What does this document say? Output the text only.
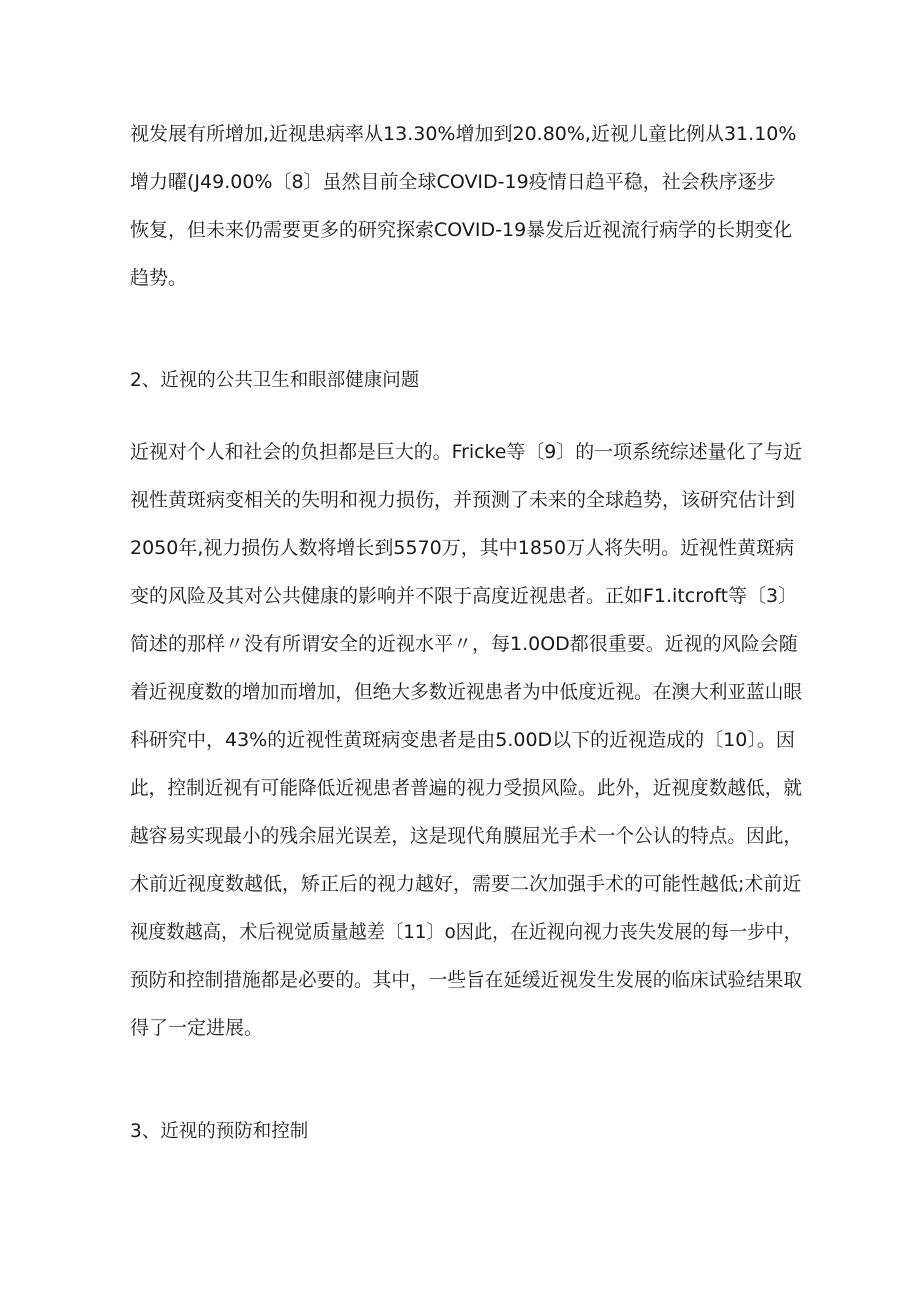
视发展有所增加,近视患病率从13.30%增加到20.80%,近视儿童比例从31.10%
增力曜(J49.00%〔8〕虽然目前全球COVID-19疫情日趋平稳，社会秩序逐步
恢复，但未来仍需要更多的研究探索COVID-19暴发后近视流行病学的长期变化
趋势。
2、近视的公共卫生和眼部健康问题
近视对个人和社会的负担都是巨大的。Fricke等〔9〕的一项系统综述量化了与近
视性黄斑病变相关的失明和视力损伤，并预测了未来的全球趋势，该研究估计到
2050年,视力损伤人数将增长到5570万，其中1850万人将失明。近视性黄斑病
变的风险及其对公共健康的影响并不限于高度近视患者。正如F1.itcroft等〔3〕
简述的那样〃没有所谓安全的近视水平〃，每1.0OD都很重要。近视的风险会随
着近视度数的增加而增加，但绝大多数近视患者为中低度近视。在澳大利亚蓝山眼
科研究中，43%的近视性黄斑病变患者是由5.00D以下的近视造成的〔10〕。因
此，控制近视有可能降低近视患者普遍的视力受损风险。此外，近视度数越低，就
越容易实现最小的残余屈光误差，这是现代角膜屈光手术一个公认的特点。因此，
术前近视度数越低，矫正后的视力越好，需要二次加强手术的可能性越低;术前近
视度数越高，术后视觉质量越差〔11〕o因此，在近视向视力丧失发展的每一步中，
预防和控制措施都是必要的。其中，一些旨在延缓近视发生发展的临床试验结果取
得了一定进展。
3、近视的预防和控制
